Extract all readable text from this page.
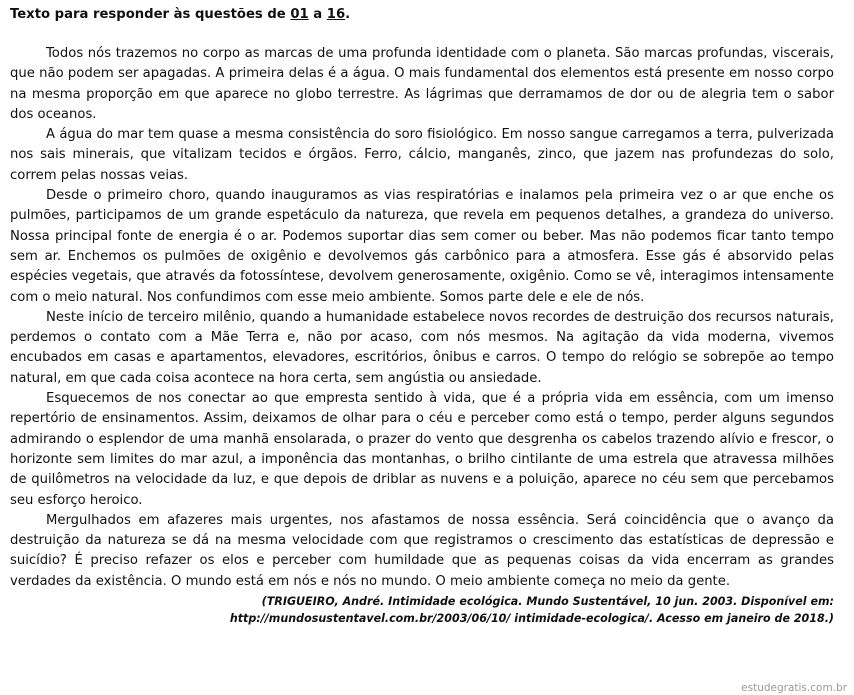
Texto para responder às questões de 01 a 16.

Todos nós trazemos no corpo as marcas de uma profunda identidade com o planeta. São marcas profundas, viscerais, que não podem ser apagadas. A primeira delas é a água. O mais fundamental dos elementos está presente em nosso corpo na mesma proporção em que aparece no globo terrestre. As lágrimas que derramamos de dor ou de alegria tem o sabor dos oceanos.

A água do mar tem quase a mesma consistência do soro fisiológico. Em nosso sangue carregamos a terra, pulverizada nos sais minerais, que vitalizam tecidos e órgãos. Ferro, cálcio, manganês, zinco, que jazem nas profundezas do solo, correm pelas nossas veias.

Desde o primeiro choro, quando inauguramos as vias respiratórias e inalamos pela primeira vez o ar que enche os pulmões, participamos de um grande espetáculo da natureza, que revela em pequenos detalhes, a grandeza do universo. Nossa principal fonte de energia é o ar. Podemos suportar dias sem comer ou beber. Mas não podemos ficar tanto tempo sem ar. Enchemos os pulmões de oxigênio e devolvemos gás carbônico para a atmosfera. Esse gás é absorvido pelas espécies vegetais, que através da fotossíntese, devolvem generosamente, oxigênio. Como se vê, interagimos intensamente com o meio natural. Nos confundimos com esse meio ambiente. Somos parte dele e ele de nós.

Neste início de terceiro milênio, quando a humanidade estabelece novos recordes de destruição dos recursos naturais, perdemos o contato com a Mãe Terra e, não por acaso, com nós mesmos. Na agitação da vida moderna, vivemos encubados em casas e apartamentos, elevadores, escritórios, ônibus e carros. O tempo do relógio se sobrepõe ao tempo natural, em que cada coisa acontece na hora certa, sem angústia ou ansiedade.

Esquecemos de nos conectar ao que empresta sentido à vida, que é a própria vida em essência, com um imenso repertório de ensinamentos. Assim, deixamos de olhar para o céu e perceber como está o tempo, perder alguns segundos admirando o esplendor de uma manhã ensolarada, o prazer do vento que desgrenha os cabelos trazendo alívio e frescor, o horizonte sem limites do mar azul, a imponência das montanhas, o brilho cintilante de uma estrela que atravessa milhões de quilômetros na velocidade da luz, e que depois de driblar as nuvens e a poluição, aparece no céu sem que percebamos seu esforço heroico.

Mergulhados em afazeres mais urgentes, nos afastamos de nossa essência. Será coincidência que o avanço da destruição da natureza se dá na mesma velocidade com que registramos o crescimento das estatísticas de depressão e suicídio? É preciso refazer os elos e perceber com humildade que as pequenas coisas da vida encerram as grandes verdades da existência. O mundo está em nós e nós no mundo. O meio ambiente começa no meio da gente.

(TRIGUEIRO, André. Intimidade ecológica. Mundo Sustentável, 10 jun. 2003. Disponível em: http://mundosustentavel.com.br/2003/06/10/ intimidade-ecologica/. Acesso em janeiro de 2018.)

estudegratis.com.br
